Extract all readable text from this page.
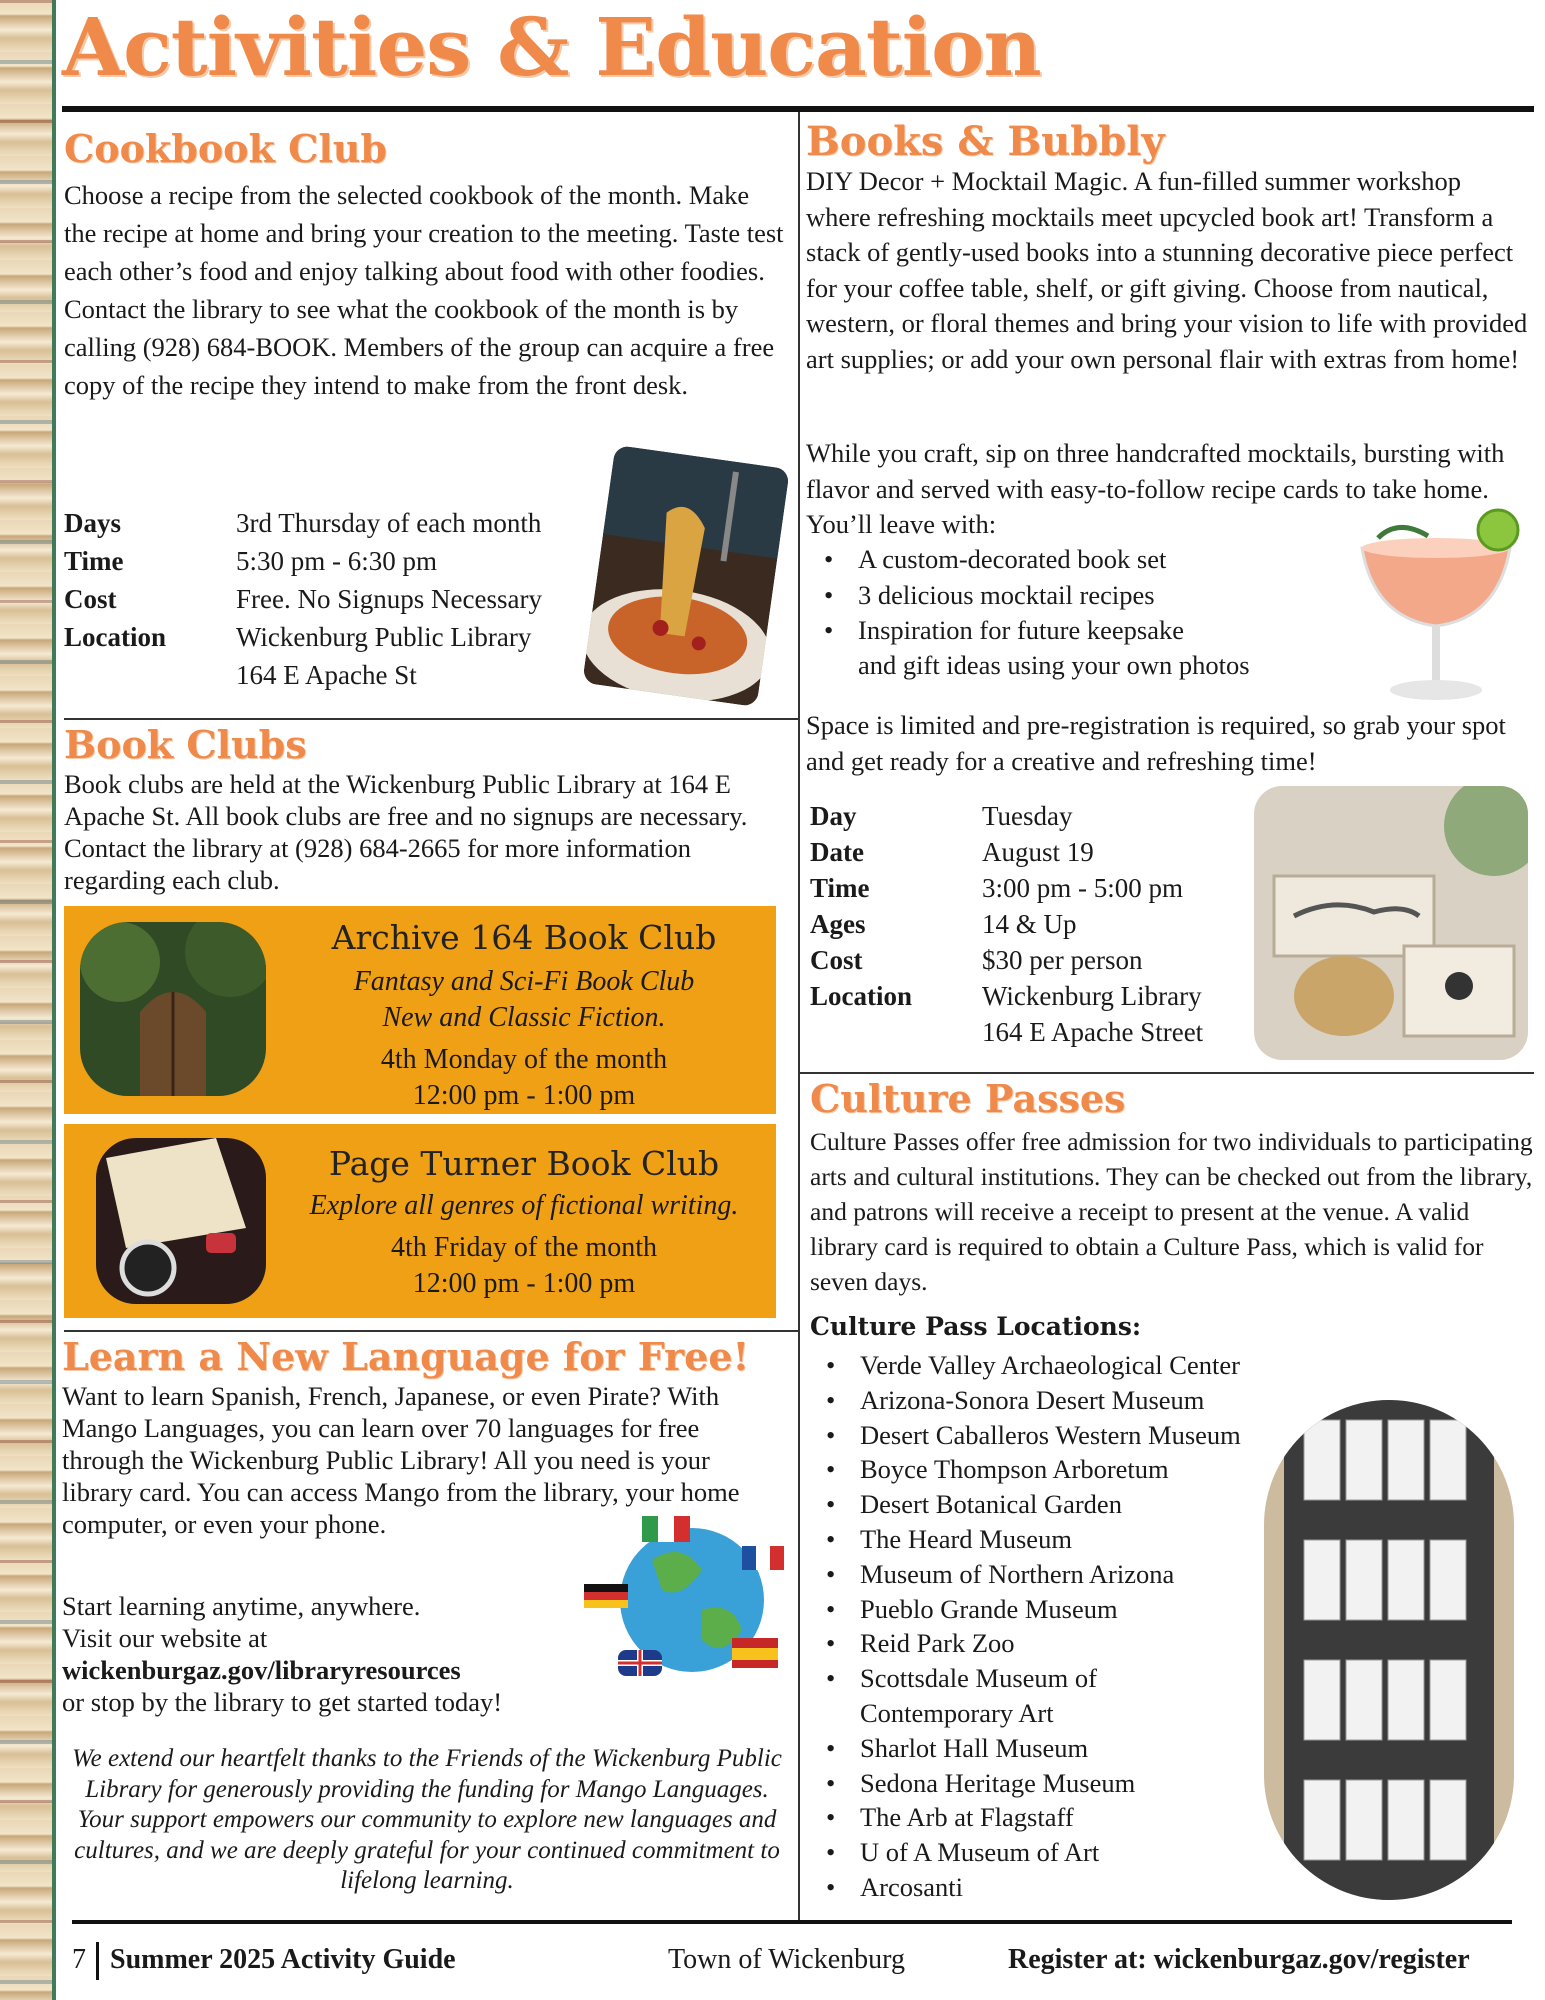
Activities & Education
Cookbook Club
Choose a recipe from the selected cookbook of the month. Make the recipe at home and bring your creation to the meeting. Taste test each other’s food and enjoy talking about food with other foodies. Contact the library to see what the cookbook of the month is by calling (928) 684-BOOK. Members of the group can acquire a free copy of the recipe they intend to make from the front desk.
Days	3rd Thursday of each month
Time	5:30 pm - 6:30 pm
Cost	Free. No Signups Necessary
Location	Wickenburg Public Library
164 E Apache St
Book Clubs
Book clubs are held at the Wickenburg Public Library at 164 E Apache St. All book clubs are free and no signups are necessary. Contact the library at (928) 684-2665 for more information regarding each club.
Archive 164 Book Club
Fantasy and Sci-Fi Book Club
New and Classic Fiction.
4th Monday of the month
12:00 pm - 1:00 pm
Page Turner Book Club
Explore all genres of fictional writing.
4th Friday of the month
12:00 pm - 1:00 pm
Learn a New Language for Free!
Want to learn Spanish, French, Japanese, or even Pirate? With Mango Languages, you can learn over 70 languages for free through the Wickenburg Public Library! All you need is your library card. You can access Mango from the library, your home computer, or even your phone.
Start learning anytime, anywhere.
Visit our website at
wickenburgaz.gov/libraryresources
or stop by the library to get started today!
We extend our heartfelt thanks to the Friends of the Wickenburg Public Library for generously providing the funding for Mango Languages. Your support empowers our community to explore new languages and cultures, and we are deeply grateful for your continued commitment to lifelong learning.
Books & Bubbly
DIY Decor + Mocktail Magic. A fun-filled summer workshop where refreshing mocktails meet upcycled book art! Transform a stack of gently-used books into a stunning decorative piece perfect for your coffee table, shelf, or gift giving. Choose from nautical, western, or floral themes and bring your vision to life with provided art supplies; or add your own personal flair with extras from home!
While you craft, sip on three handcrafted mocktails, bursting with flavor and served with easy-to-follow recipe cards to take home. You’ll leave with:
• A custom-decorated book set
• 3 delicious mocktail recipes
• Inspiration for future keepsake
and gift ideas using your own photos
Space is limited and pre-registration is required, so grab your spot and get ready for a creative and refreshing time!
Day	Tuesday
Date	August 19
Time	3:00 pm - 5:00 pm
Ages	14 & Up
Cost	$30 per person
Location	Wickenburg Library
164 E Apache Street
Culture Passes
Culture Passes offer free admission for two individuals to participating arts and cultural institutions. They can be checked out from the library, and patrons will receive a receipt to present at the venue. A valid library card is required to obtain a Culture Pass, which is valid for seven days.
Culture Pass Locations:
• Verde Valley Archaeological Center
• Arizona-Sonora Desert Museum
• Desert Caballeros Western Museum
• Boyce Thompson Arboretum
• Desert Botanical Garden
• The Heard Museum
• Museum of Northern Arizona
• Pueblo Grande Museum
• Reid Park Zoo
• Scottsdale Museum of
Contemporary Art
• Sharlot Hall Museum
• Sedona Heritage Museum
• The Arb at Flagstaff
• U of A Museum of Art
• Arcosanti
7 Summer 2025 Activity Guide	Town of Wickenburg	Register at: wickenburgaz.gov/register
